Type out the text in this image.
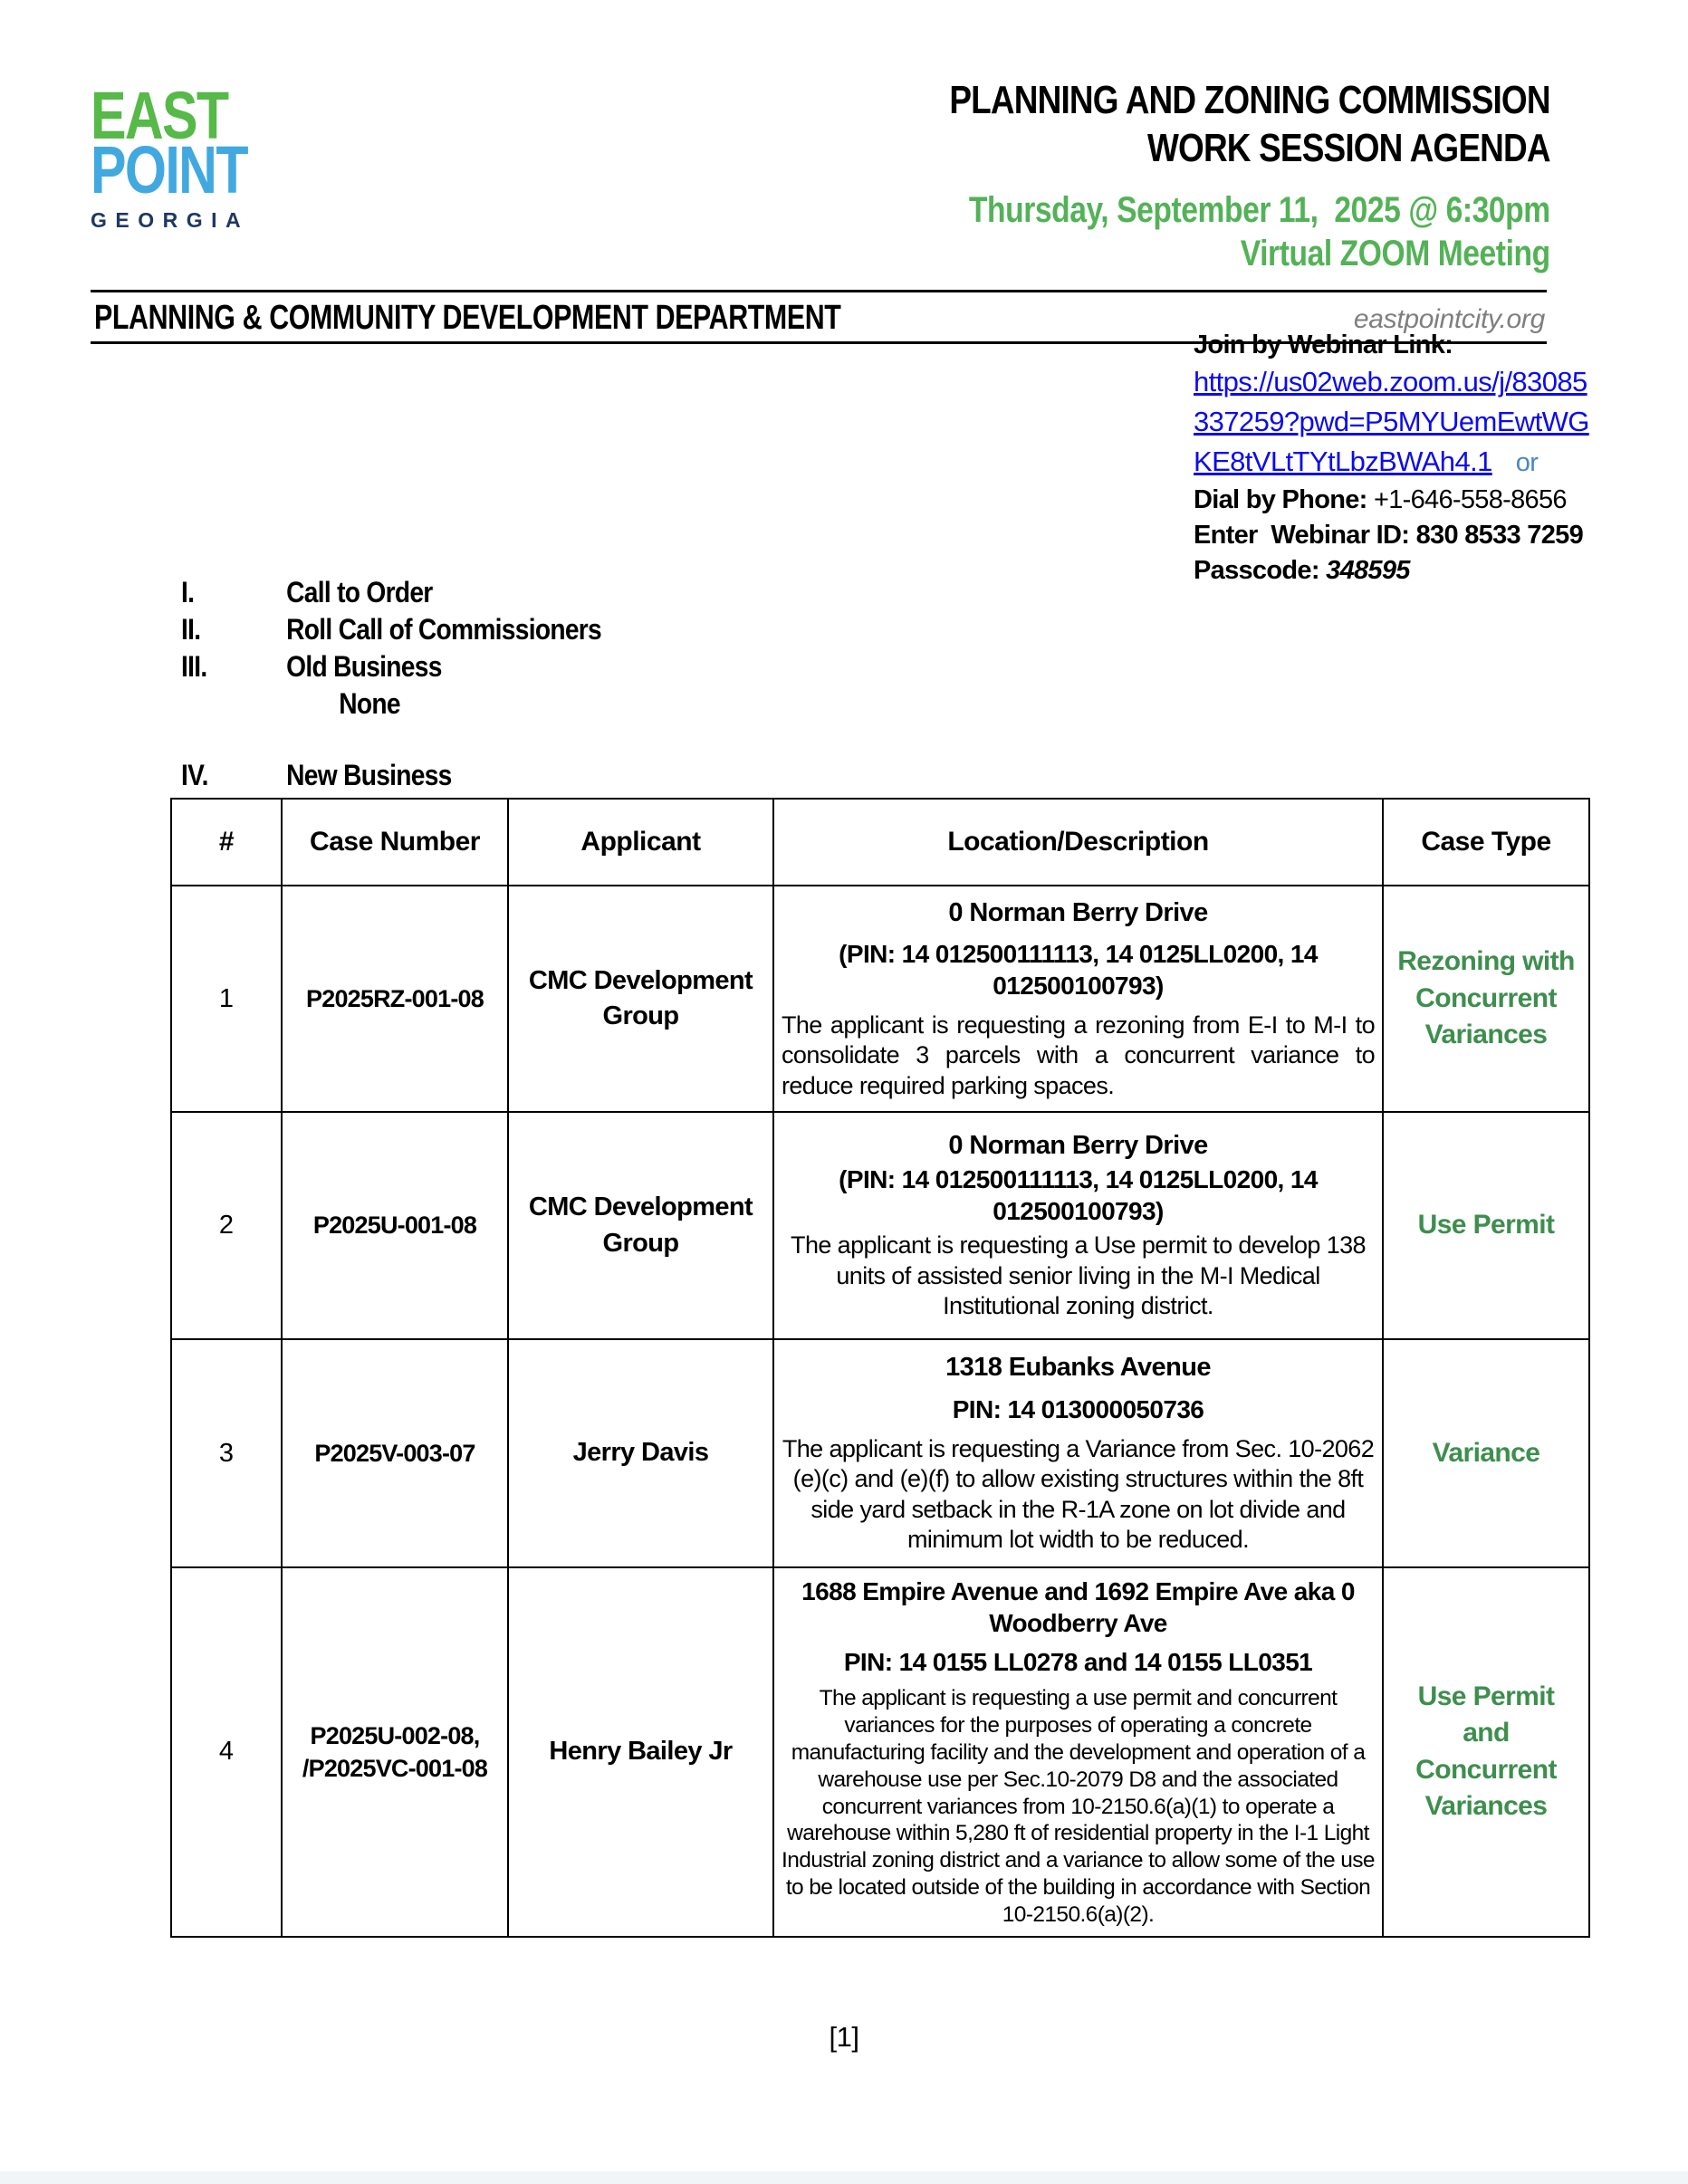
EAST
POINT
GEORGIA
PLANNING AND ZONING COMMISSION
WORK SESSION AGENDA
Thursday, September 11,  2025 @ 6:30pm
Virtual ZOOM Meeting
PLANNING & COMMUNITY DEVELOPMENT DEPARTMENT	eastpointcity.org
Join by Webinar Link:
https://us02web.zoom.us/j/83085
337259?pwd=P5MYUemEwtWG
KE8tVLtTYtLbzBWAh4.1 or
Dial by Phone: +1-646-558-8656
Enter  Webinar ID: 830 8533 7259
Passcode: 348595
I.	Call to Order
II.	Roll Call of Commissioners
III.	Old Business
None
IV.	New Business
#	Case Number	Applicant	Location/Description	Case Type
1	P2025RZ-001-08	CMC Development Group	0 Norman Berry Drive
(PIN: 14 012500111113, 14 0125LL0200, 14 012500100793)
The applicant is requesting a rezoning from E-I to M-I to consolidate 3 parcels with a concurrent variance to reduce required parking spaces.	Rezoning with Concurrent Variances
2	P2025U-001-08	CMC Development Group	0 Norman Berry Drive
(PIN: 14 012500111113, 14 0125LL0200, 14 012500100793)
The applicant is requesting a Use permit to develop 138 units of assisted senior living in the M-I Medical Institutional zoning district.	Use Permit
3	P2025V-003-07	Jerry Davis	1318 Eubanks Avenue
PIN: 14 013000050736
The applicant is requesting a Variance from Sec. 10-2062 (e)(c) and (e)(f) to allow existing structures within the 8ft side yard setback in the R-1A zone on lot divide and minimum lot width to be reduced.	Variance
4	P2025U-002-08, /P2025VC-001-08	Henry Bailey Jr	1688 Empire Avenue and 1692 Empire Ave aka 0 Woodberry Ave
PIN: 14 0155 LL0278 and 14 0155 LL0351
The applicant is requesting a use permit and concurrent variances for the purposes of operating a concrete manufacturing facility and the development and operation of a warehouse use per Sec.10-2079 D8 and the associated concurrent variances from 10-2150.6(a)(1) to operate a warehouse within 5,280 ft of residential property in the I-1 Light Industrial zoning district and a variance to allow some of the use to be located outside of the building in accordance with Section 10-2150.6(a)(2).	Use Permit and Concurrent Variances
[1]
